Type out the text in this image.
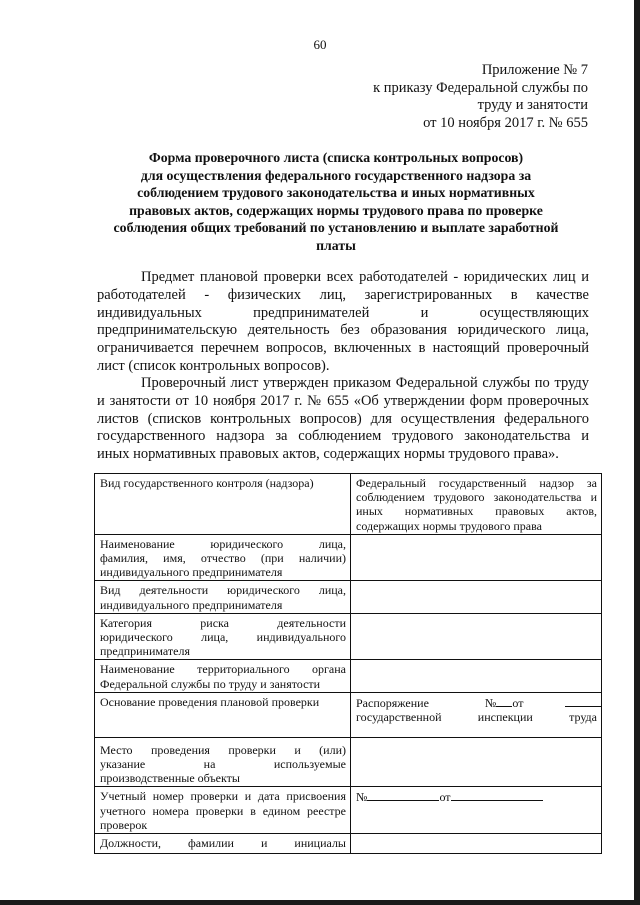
60
Приложение № 7
к приказу Федеральной службы по
труду и занятости
от 10 ноября 2017 г. № 655
Форма проверочного листа (списка контрольных вопросов)
для осуществления федерального государственного надзора за
соблюдением трудового законодательства и иных нормативных
правовых актов, содержащих нормы трудового права по проверке
соблюдения общих требований по установлению и выплате заработной
платы
Предмет плановой проверки всех работодателей - юридических лиц и
работодателей - физических лиц, зарегистрированных в качестве
индивидуальных предпринимателей и осуществляющих
предпринимательскую деятельность без образования юридического лица,
ограничивается перечнем вопросов, включенных в настоящий проверочный
лист (список контрольных вопросов).
Проверочный лист утвержден приказом Федеральной службы по труду
и занятости от 10 ноября 2017 г. № 655 «Об утверждении форм проверочных
листов (списков контрольных вопросов) для осуществления федерального
государственного надзора за соблюдением трудового законодательства и
иных нормативных правовых актов, содержащих нормы трудового права».
Вид государственного контроля (надзора)	Федеральный государственный надзор за
соблюдением трудового законодательства и
иных нормативных правовых актов,
содержащих нормы трудового права

Наименование юридического лица,
фамилия, имя, отчество (при наличии)
индивидуального предпринимателя	

Вид деятельности юридического лица,
индивидуального предпринимателя	

Категория риска деятельности
юридического лица, индивидуального
предпринимателя	

Наименование территориального органа
Федеральной службы по труду и занятости	

Основание проведения плановой проверки	Распоряжение № от
государственной инспекции труда

Место проведения проверки и (или)
указание на используемые
производственные объекты	

Учетный номер проверки и дата присвоения
учетного номера проверки в едином реестре
проверок	№ от

Должности, фамилии и инициалы	
